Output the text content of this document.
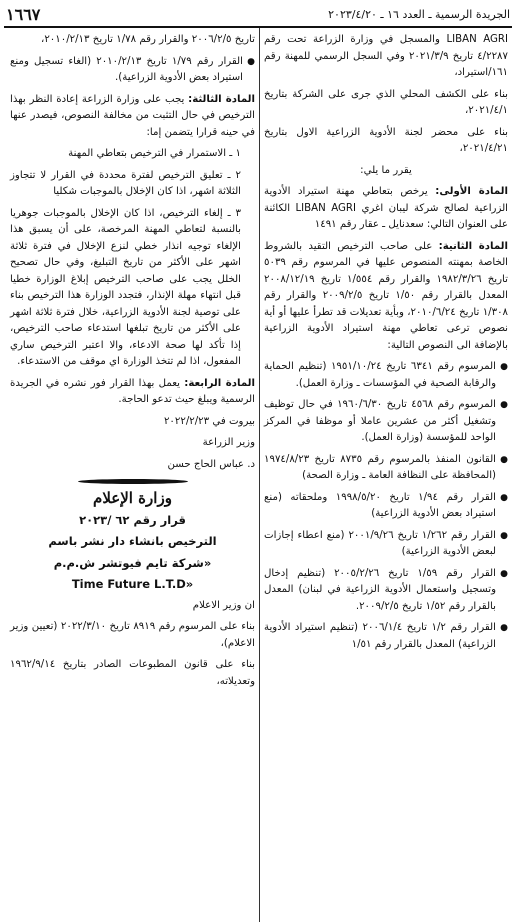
الجريدة الرسمية ـ العدد ١٦ ـ ٢٠٢٣/٤/٢٠
١٦٦٧

LIBAN AGRI والمسجل في وزارة الزراعة تحت رقم ٤/٢٢٨٧ تاريخ ٢٠٢١/٣/٩ وفي السجل الرسمي للمهنة رقم ١٦١/استيراد،

بناء على الكشف المحلي الذي جرى على الشركة بتاريخ ٢٠٢١/٤/١،

بناء على محضر لجنة الأدوية الزراعية الاول بتاريخ ٢٠٢١/٤/٢١،

يقرر ما يلي:

المادة الأولى: يرخص بتعاطي مهنة استيراد الأدوية الزراعية لصالح شركة ليبان اغري LIBAN AGRI الكائنة على العنوان التالي: سعدنايل ـ عقار رقم ١٤٩١

المادة الثانية: على صاحب الترخيص التقيد بالشروط الخاصة بمهنته المنصوص عليها في المرسوم رقم ٥٠٣٩ تاريخ ١٩٨٢/٣/٢٦ والقرار رقم ١/٥٥٤ تاريخ ٢٠٠٨/١٢/١٩ المعدل بالقرار رقم ١/٥٠ تاريخ ٢٠٠٩/٢/٥ والقرار رقم ١/٣٠٨ تاريخ ٢٠١٠/٦/٢٤، وبأية تعديلات قد تطرأ عليها أو أية نصوص ترعى تعاطي مهنة استيراد الأدوية الزراعية بالإضافة الى النصوص التالية:

● المرسوم رقم ٦٣٤١ تاريخ ١٩٥١/١٠/٢٤ (تنظيم الحماية والرقابة الصحية في المؤسسات ـ وزارة العمل).

● المرسوم رقم ٤٥٦٨ تاريخ ١٩٦٠/٦/٣٠ في حال توظيف وتشغيل أكثر من عشرين عاملا أو موظفا في المركز الواحد للمؤسسة (وزارة العمل).

● القانون المنفذ بالمرسوم رقم ٨٧٣٥ تاريخ ١٩٧٤/٨/٢٣ (المحافظة على النظافة العامة ـ وزارة الصحة)

● القرار رقم ١/٩٤ تاريخ ١٩٩٨/٥/٢٠ وملحقاته (منع استيراد بعض الأدوية الزراعية)

● القرار رقم ١/٢٦٢ تاريخ ٢٠٠١/٩/٢٦ (منع اعطاء إجازات لبعض الأدوية الزراعية)

● القرار رقم ١/٥٩ تاريخ ٢٠٠٥/٢/٢٦ (تنظيم إدخال وتسجيل واستعمال الأدوية الزراعية في لبنان) المعدل بالقرار رقم ١/٥٢ تاريخ ٢٠٠٩/٢/٥.

● القرار رقم ١/٢ تاريخ ٢٠٠٦/١/٤ (تنظيم استيراد الأدوية الزراعية) المعدل بالقرار رقم ١/٥١

تاريخ ٢٠٠٦/٢/٥ والقرار رقم ١/٧٨ تاريخ ٢٠١٠/٢/١٣،

● القرار رقم ١/٧٩ تاريخ ٢٠١٠/٢/١٣ (الغاء تسجيل ومنع استيراد بعض الأدوية الزراعية).

المادة الثالثة: يجب على وزارة الزراعة إعادة النظر بهذا الترخيص في حال التثبت من مخالفة النصوص، فيصدر عنها في حينه قرارا يتضمن إما:

١ ـ الاستمرار في الترخيص بتعاطي المهنة

٢ ـ تعليق الترخيص لفترة محددة في القرار لا تتجاوز الثلاثة اشهر، اذا كان الإخلال بالموجبات شكليا

٣ ـ إلغاء الترخيص، اذا كان الإخلال بالموجبات جوهريا بالنسبة لتعاطي المهنة المرخصة، على أن يسبق هذا الإلغاء توجيه انذار خطي لنزع الإخلال في فترة ثلاثة اشهر على الأكثر من تاريخ التبليغ، وفي حال تصحيح الخلل يجب على صاحب الترخيص إبلاغ الوزارة خطيا قبل انتهاء مهلة الإنذار، فتجدد الوزارة هذا الترخيص بناء على توصية لجنة الأدوية الزراعية، خلال فترة ثلاثة اشهر على الأكثر من تاريخ تبلغها استدعاء صاحب الترخيص، إذا تأكد لها صحة الادعاء، والا اعتبر الترخيص ساري المفعول، اذا لم تتخذ الوزارة اي موقف من الاستدعاء.

المادة الرابعة: يعمل بهذا القرار فور نشره في الجريدة الرسمية ويبلغ حيث تدعو الحاجة.

بيروت في ٢٠٢٢/٢/٢٣

وزير الزراعة

د. عباس الحاج حسن

وزارة الإعلام

قرار رقم ٦٢ /٢٠٢٣

الترخيص بانشاء دار نشر باسم

«شركة تايم فيوتشر ش.م.م

Time Future L.T.D»

ان وزير الاعلام

بناء على المرسوم رقم ٨٩١٩ تاريخ ٢٠٢٢/٣/١٠ (تعيين وزير الاعلام)،

بناء على قانون المطبوعات الصادر بتاريخ ١٩٦٢/٩/١٤ وتعديلاته،
